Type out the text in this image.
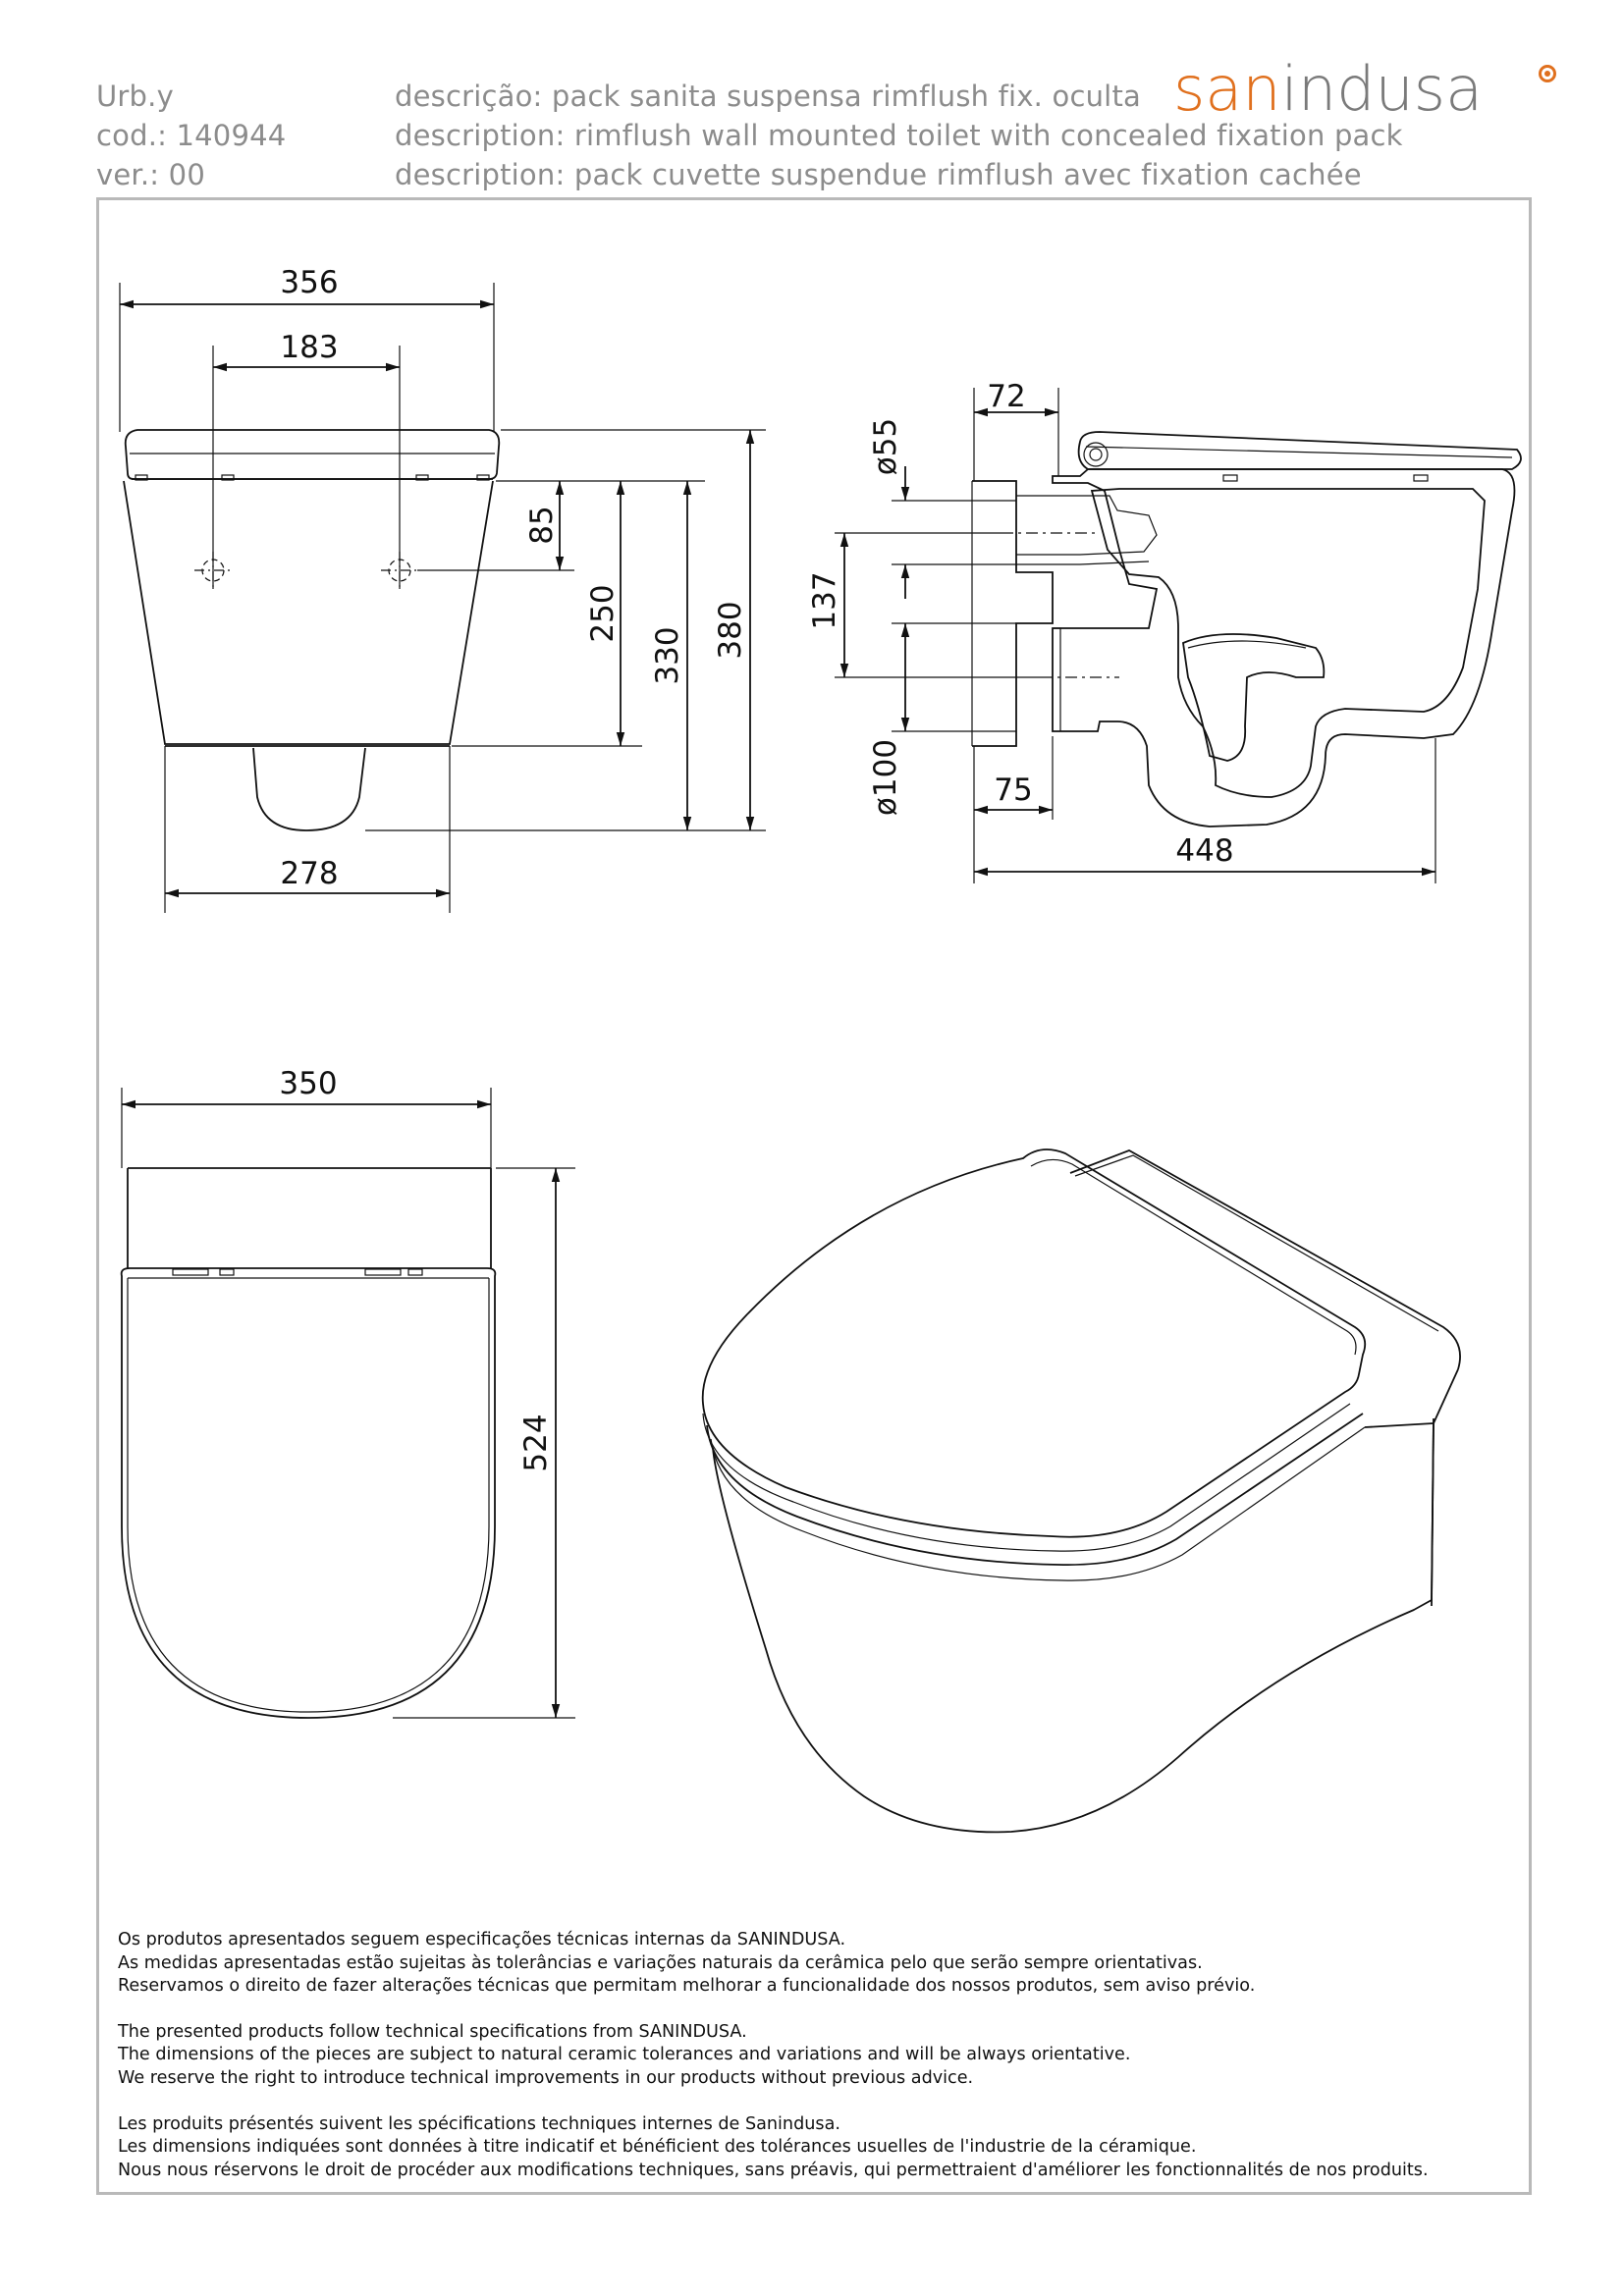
Urb.y
cod.: 140944
ver.: 00
descrição: pack sanita suspensa rimflush fix. oculta
description: rimflush wall mounted toilet with concealed fixation pack
description: pack cuvette suspendue rimflush avec fixation cachée
sanindusa
356
183
278
85
250
330 380
72
ø55
137
ø100	75
448
350
524

Os produtos apresentados seguem especificações técnicas internas da SANINDUSA.
As medidas apresentadas estão sujeitas às tolerâncias e variações naturais da cerâmica pelo que serão sempre orientativas.
Reservamos o direito de fazer alterações técnicas que permitam melhorar a funcionalidade dos nossos produtos, sem aviso prévio.

The presented products follow technical specifications from SANINDUSA.
The dimensions of the pieces are subject to natural ceramic tolerances and variations and will be always orientative.
We reserve the right to introduce technical improvements in our products without previous advice.

Les produits présentés suivent les spécifications techniques internes de Sanindusa.
Les dimensions indiquées sont données à titre indicatif et bénéficient des tolérances usuelles de l'industrie de la céramique.
Nous nous réservons le droit de procéder aux modifications techniques, sans préavis, qui permettraient d'améliorer les fonctionnalités de nos produits.
